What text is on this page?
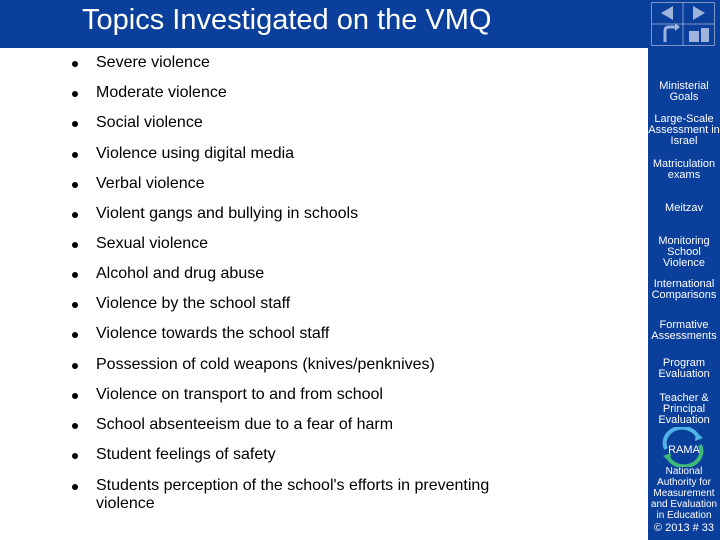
Topics Investigated on the VMQ
Severe violence
Moderate violence
Social violence
Violence using digital media
Verbal violence
Violent gangs and bullying in schools
Sexual violence
Alcohol and drug abuse
Violence by the school staff
Violence towards the school staff
Possession of cold weapons (knives/penknives)
Violence on transport to and from school
School absenteeism due to a fear of harm
Student feelings of safety
Students perception of the school's efforts in preventing
violence
Ministerial Goals
Large-Scale Assessment in Israel
Matriculation exams
Meitzav
Monitoring School Violence
International Comparisons
Formative Assessments
Program Evaluation
Teacher & Principal Evaluation
RAMA
National Authority for Measurement and Evaluation in Education
© 2013 # 33
